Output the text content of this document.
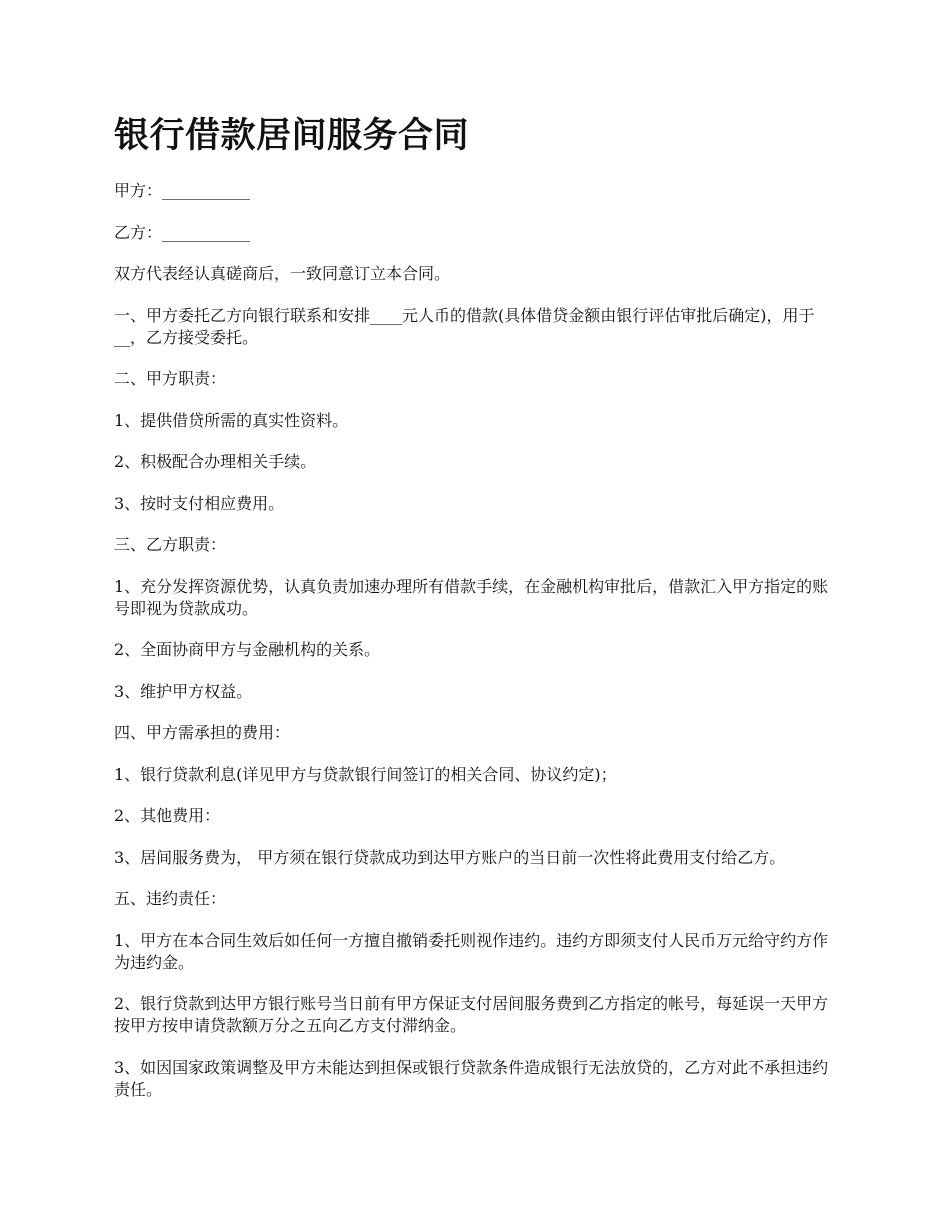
银行借款居间服务合同

甲方：___________

乙方：___________

双方代表经认真磋商后，一致同意订立本合同。

一、甲方委托乙方向银行联系和安排____元人币的借款(具体借贷金额由银行评估审批后确定)，用于__，乙方接受委托。

二、甲方职责：

1、提供借贷所需的真实性资料。

2、积极配合办理相关手续。

3、按时支付相应费用。

三、乙方职责：

1、充分发挥资源优势，认真负责加速办理所有借款手续，在金融机构审批后，借款汇入甲方指定的账号即视为贷款成功。

2、全面协商甲方与金融机构的关系。

3、维护甲方权益。

四、甲方需承担的费用：

1、银行贷款利息(详见甲方与贷款银行间签订的相关合同、协议约定)；

2、其他费用：

3、居间服务费为， 甲方须在银行贷款成功到达甲方账户的当日前一次性将此费用支付给乙方。

五、违约责任：

1、甲方在本合同生效后如任何一方擅自撤销委托则视作违约。违约方即须支付人民币万元给守约方作为违约金。

2、银行贷款到达甲方银行账号当日前有甲方保证支付居间服务费到乙方指定的帐号，每延误一天甲方按甲方按申请贷款额万分之五向乙方支付滞纳金。

3、如因国家政策调整及甲方未能达到担保或银行贷款条件造成银行无法放贷的，乙方对此不承担违约责任。
